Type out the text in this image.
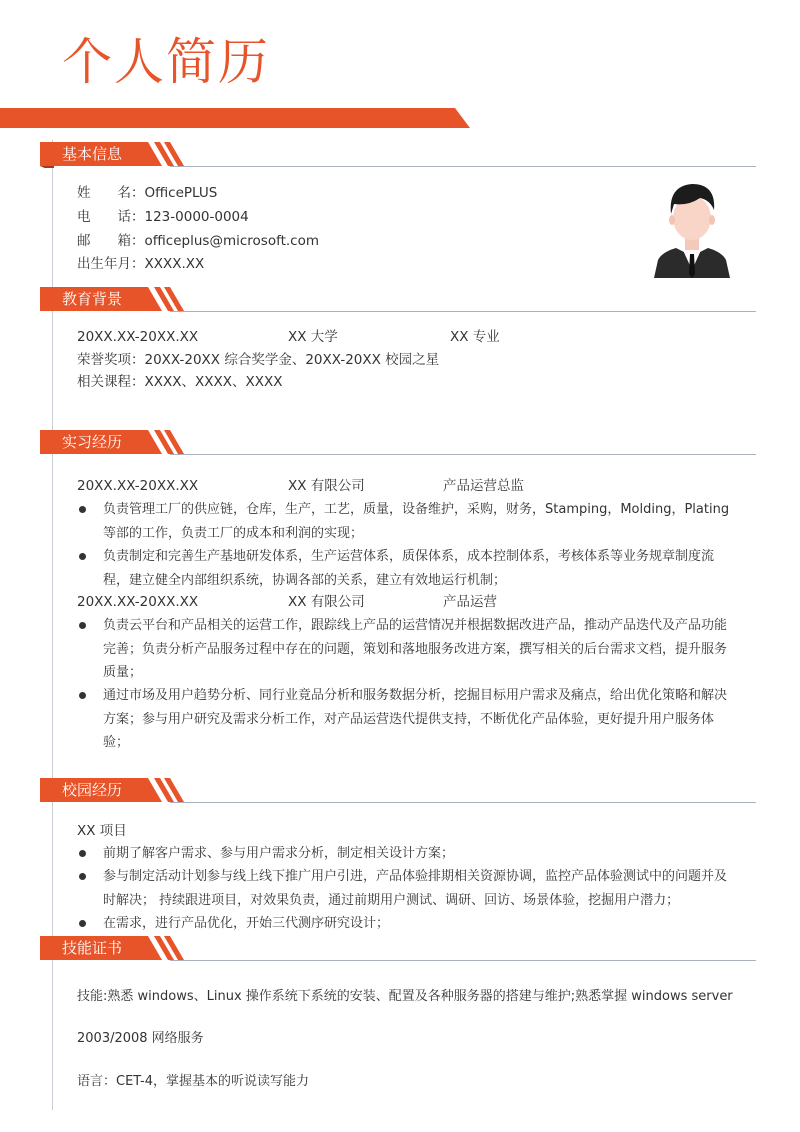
个人简历
基本信息
教育背景
实习经历
校园经历
技能证书
姓　　名：OfficePLUS
电　　话：123-0000-0004
邮　　箱：officeplus@microsoft.com
出生年月：XXXX.XX
20XX.XX-20XX.XX	XX 大学	XX 专业
荣誉奖项：20XX-20XX 综合奖学金、20XX-20XX 校园之星
相关课程：XXXX、XXXX、XXXX
20XX.XX-20XX.XX	XX 有限公司	产品运营总监
负责管理工厂的供应链，仓库，生产，工艺，质量，设备维护，采购，财务，Stamping，Molding，Plating等部的工作，负责工厂的成本和利润的实现；
负责制定和完善生产基地研发体系，生产运营体系，质保体系，成本控制体系，考核体系等业务规章制度流程，建立健全内部组织系统，协调各部的关系，建立有效地运行机制；
20XX.XX-20XX.XX	XX 有限公司	产品运营
负责云平台和产品相关的运营工作，跟踪线上产品的运营情况并根据数据改进产品，推动产品迭代及产品功能完善；负责分析产品服务过程中存在的问题，策划和落地服务改进方案，撰写相关的后台需求文档，提升服务质量；
通过市场及用户趋势分析、同行业竟品分析和服务数据分析，挖掘目标用户需求及痛点，给出优化策略和解决方案；参与用户研究及需求分析工作，对产品运营迭代提供支持，不断优化产品体验，更好提升用户服务体验；
XX 项目
前期了解客户需求、参与用户需求分析，制定相关设计方案；
参与制定活动计划参与线上线下推广用户引进，产品体验排期相关资源协调，监控产品体验测试中的问题并及时解决； 持续跟进项目，对效果负责，通过前期用户测试、调研、回访、场景体验，挖掘用户潜力；
在需求，进行产品优化，开始三代测序研究设计；
技能:熟悉 windows、Linux 操作系统下系统的安装、配置及各种服务器的搭建与维护;熟悉掌握 windows server
2003/2008 网络服务
语言：CET-4，掌握基本的听说读写能力
